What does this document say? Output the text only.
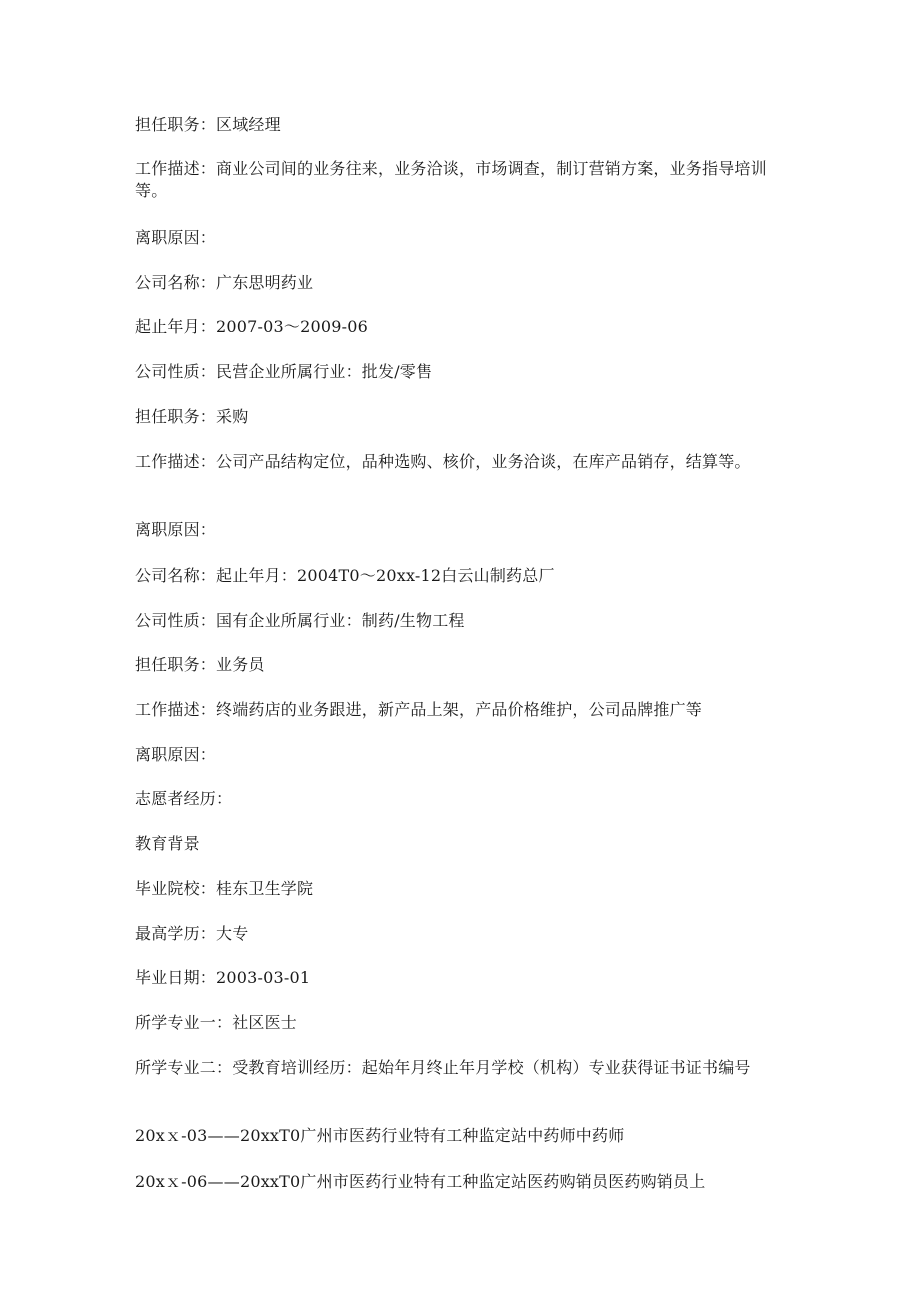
担任职务：区域经理

工作描述：商业公司间的业务往来，业务洽谈，市场调查，制订营销方案，业务指导培训等。

离职原因：

公司名称：广东思明药业

起止年月：2007-03～2009-06

公司性质：民营企业所属行业：批发/零售

担任职务：采购

工作描述：公司产品结构定位，品种选购、核价，业务洽谈，在库产品销存，结算等。

离职原因：

公司名称：起止年月：2004T0～20xx-12白云山制药总厂

公司性质：国有企业所属行业：制药/生物工程

担任职务：业务员

工作描述：终端药店的业务跟进，新产品上架，产品价格维护，公司品牌推广等

离职原因：

志愿者经历：

教育背景

毕业院校：桂东卫生学院

最高学历：大专

毕业日期：2003-03-01

所学专业一：社区医士

所学专业二：受教育培训经历：起始年月终止年月学校（机构）专业获得证书证书编号

20xｘ-03——20xxT0广州市医药行业特有工种监定站中药师中药师

20xｘ-06——20xxT0广州市医药行业特有工种监定站医药购销员医药购销员上
